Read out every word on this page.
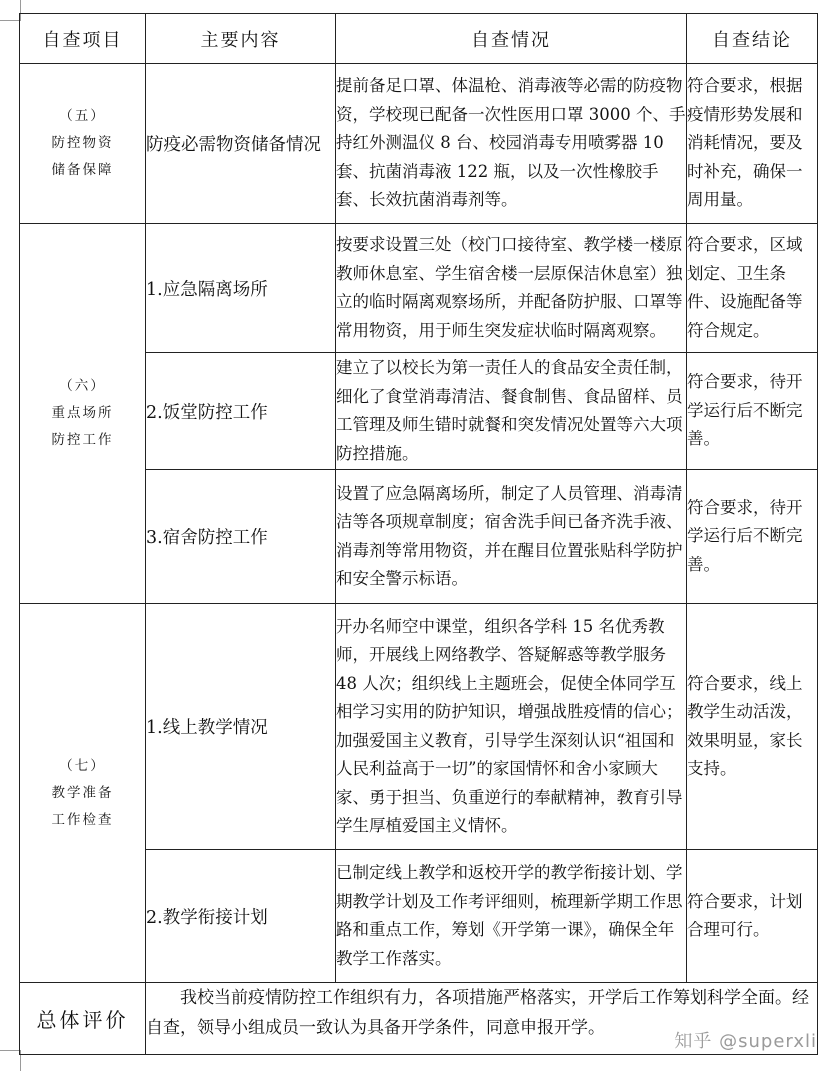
自查项目	主要内容	自查情况	自查结论

（五）
防控物资
储备保障	防疫必需物资储备情况	提前备足口罩、体温枪、消毒液等必需的防疫物资，学校现已配备一次性医用口罩 3000 个、手持红外测温仪 8 台、校园消毒专用喷雾器 10 套、抗菌消毒液 122 瓶，以及一次性橡胶手套、长效抗菌消毒剂等。	符合要求，根据疫情形势发展和消耗情况，要及时补充，确保一周用量。

（六）
重点场所
防控工作	1.应急隔离场所	按要求设置三处（校门口接待室、教学楼一楼原教师休息室、学生宿舍楼一层原保洁休息室）独立的临时隔离观察场所，并配备防护服、口罩等常用物资，用于师生突发症状临时隔离观察。	符合要求，区域划定、卫生条件、设施配备等符合规定。
	2.饭堂防控工作	建立了以校长为第一责任人的食品安全责任制，细化了食堂消毒清洁、餐食制售、食品留样、员工管理及师生错时就餐和突发情况处置等六大项防控措施。	符合要求，待开学运行后不断完善。
	3.宿舍防控工作	设置了应急隔离场所，制定了人员管理、消毒清洁等各项规章制度；宿舍洗手间已备齐洗手液、消毒剂等常用物资，并在醒目位置张贴科学防护和安全警示标语。	符合要求，待开学运行后不断完善。

（七）
教学准备
工作检查	1.线上教学情况	开办名师空中课堂，组织各学科 15 名优秀教师，开展线上网络教学、答疑解惑等教学服务 48 人次；组织线上主题班会，促使全体同学互相学习实用的防护知识，增强战胜疫情的信心；加强爱国主义教育，引导学生深刻认识“祖国和人民利益高于一切”的家国情怀和舍小家顾大家、勇于担当、负重逆行的奉献精神，教育引导学生厚植爱国主义情怀。	符合要求，线上教学生动活泼，效果明显，家长支持。
	2.教学衔接计划	已制定线上教学和返校开学的教学衔接计划、学期教学计划及工作考评细则，梳理新学期工作思路和重点工作，筹划《开学第一课》，确保全年教学工作落实。	符合要求，计划合理可行。
总体评价	我校当前疫情防控工作组织有力，各项措施严格落实，开学后工作筹划科学全面。经自查，领导小组成员一致认为具备开学条件，同意申报开学。		
知乎 @superxli
